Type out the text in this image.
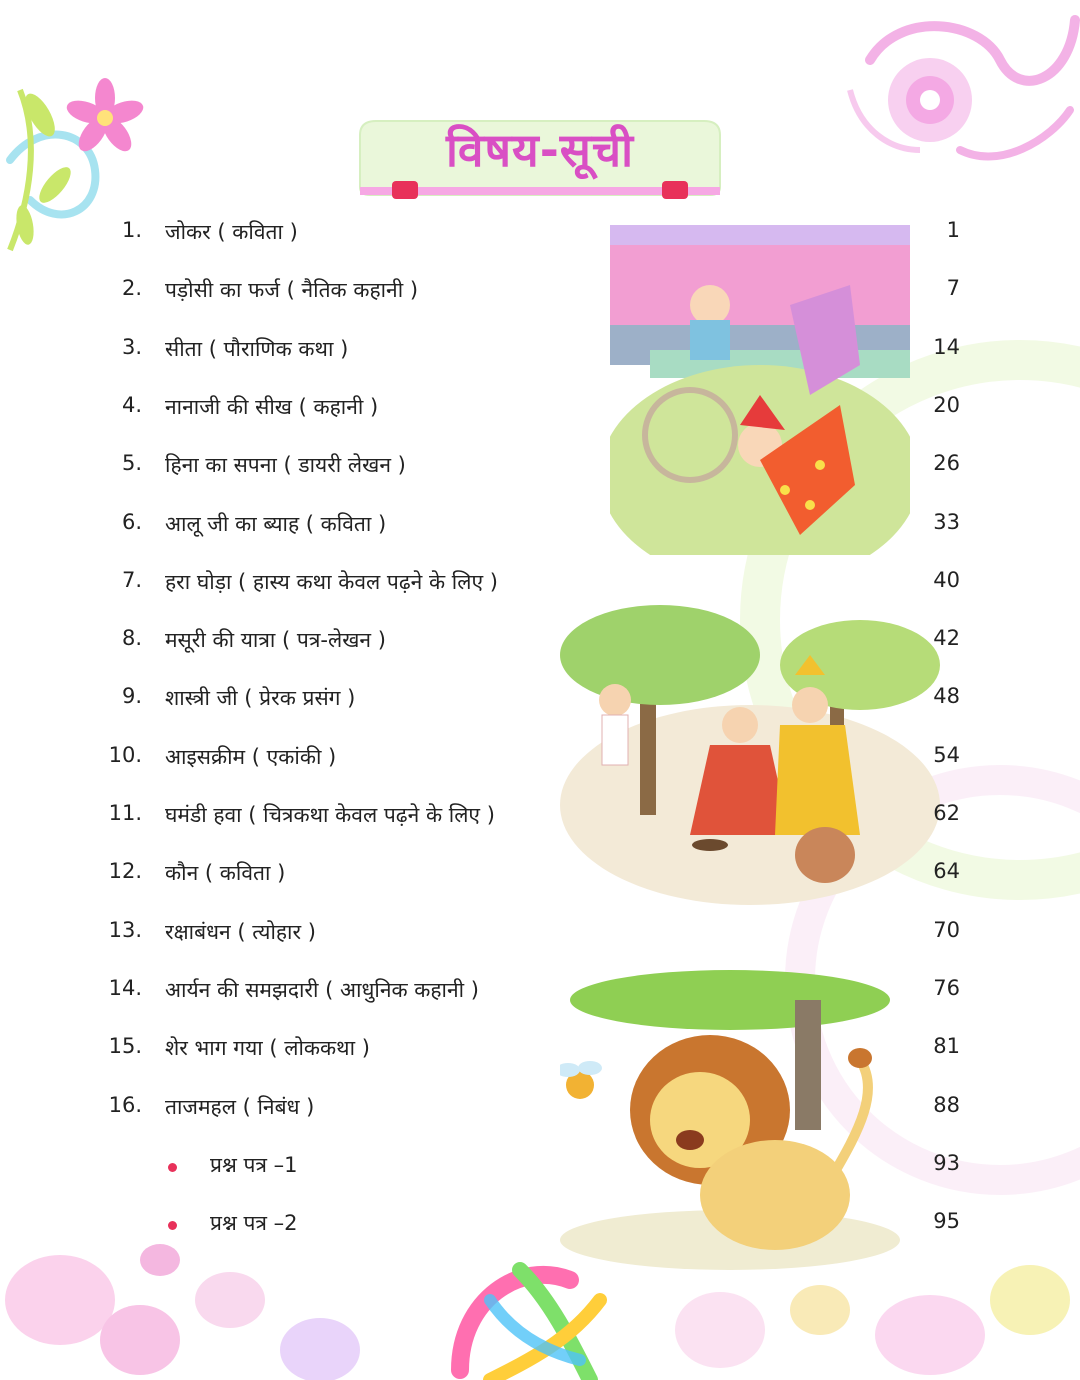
विषय-सूची
1. जोकर ( कविता )	1
2. पड़ोसी का फर्ज ( नैतिक कहानी )	7
3. सीता ( पौराणिक कथा )	14
4. नानाजी की सीख ( कहानी )	20
5. हिना का सपना ( डायरी लेखन )	26
6. आलू जी का ब्याह ( कविता )	33
7. हरा घोड़ा ( हास्य कथा केवल पढ़ने के लिए )	40
8. मसूरी की यात्रा ( पत्र-लेखन )	42
9. शास्त्री जी ( प्रेरक प्रसंग )	48
10. आइसक्रीम ( एकांकी )	54
11. घमंडी हवा ( चित्रकथा केवल पढ़ने के लिए )	62
12. कौन ( कविता )	64
13. रक्षाबंधन ( त्योहार )	70
14. आर्यन की समझदारी ( आधुनिक कहानी )	76
15. शेर भाग गया ( लोककथा )	81
16. ताजमहल ( निबंध )	88
प्रश्न पत्र –1	93
प्रश्न पत्र –2	95
